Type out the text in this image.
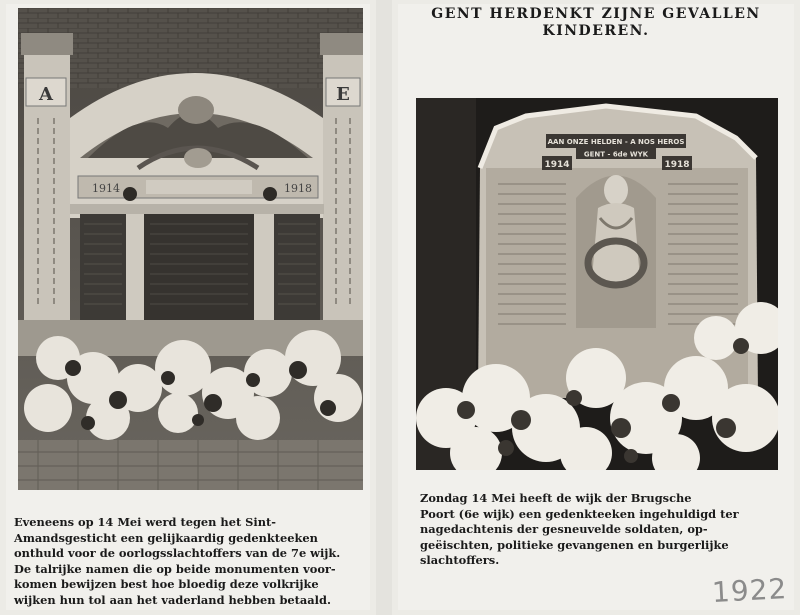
A	E
1914	1918
GENT HERDENKT ZIJNE GEVALLEN
KINDEREN.
AAN ONZE HELDEN - A NOS HEROS
GENT - 6de WYK
1914	1918
Eveneens op 14 Mei werd tegen het Sint-
Amandsgesticht een gelijkaardig gedenkteeken
onthuld voor de oorlogsslachtoffers van de 7e wijk.
De talrijke namen die op beide monumenten voor-
komen bewijzen best hoe bloedig deze volkrijke
wijken hun tol aan het vaderland hebben betaald.
Zondag 14 Mei heeft de wijk der Brugsche
Poort (6e wijk) een gedenkteeken ingehuldigd ter
nagedachtenis der gesneuvelde soldaten, op-
geëischten, politieke gevangenen en burgerlijke
slachtoffers.
1922
